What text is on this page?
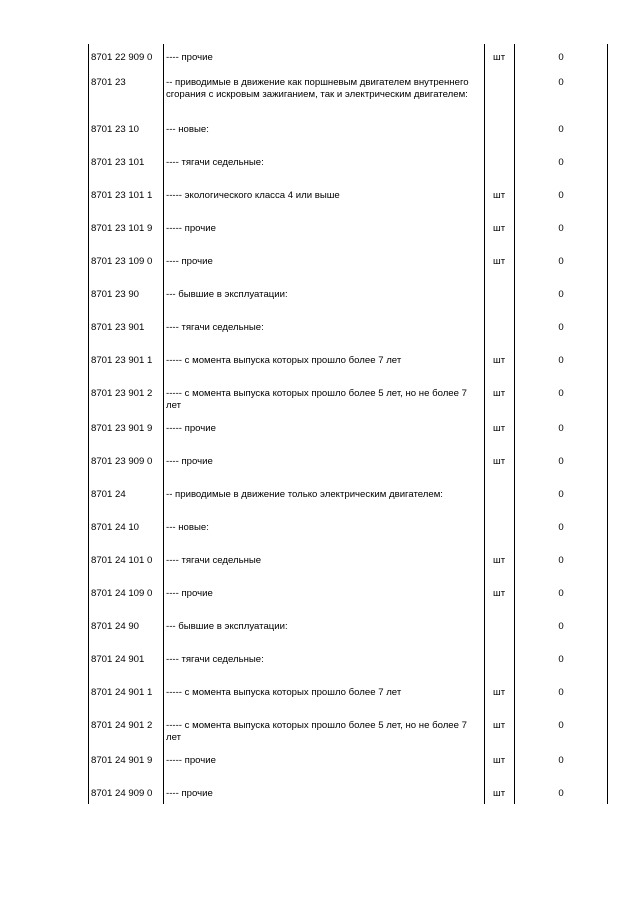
8701 22 909 0	---- прочие	шт	0
8701 23	-- приводимые в движение как поршневым двигателем внутреннего сгорания с искровым зажиганием, так и электрическим двигателем:		0
8701 23 10	--- новые:		0
8701 23 101	---- тягачи седельные:		0
8701 23 101 1	----- экологического класса 4 или выше	шт	0
8701 23 101 9	----- прочие	шт	0
8701 23 109 0	---- прочие	шт	0
8701 23 90	--- бывшие в эксплуатации:		0
8701 23 901	---- тягачи седельные:		0
8701 23 901 1	----- с момента выпуска которых прошло более 7 лет	шт	0
8701 23 901 2	----- с момента выпуска которых прошло более 5 лет, но не более 7 лет	шт	0
8701 23 901 9	----- прочие	шт	0
8701 23 909 0	---- прочие	шт	0
8701 24	-- приводимые в движение только электрическим двигателем:		0
8701 24 10	--- новые:		0
8701 24 101 0	---- тягачи седельные	шт	0
8701 24 109 0	---- прочие	шт	0
8701 24 90	--- бывшие в эксплуатации:		0
8701 24 901	---- тягачи седельные:		0
8701 24 901 1	----- с момента выпуска которых прошло более 7 лет	шт	0
8701 24 901 2	----- с момента выпуска которых прошло более 5 лет, но не более 7 лет	шт	0
8701 24 901 9	----- прочие	шт	0
8701 24 909 0	---- прочие	шт	0
